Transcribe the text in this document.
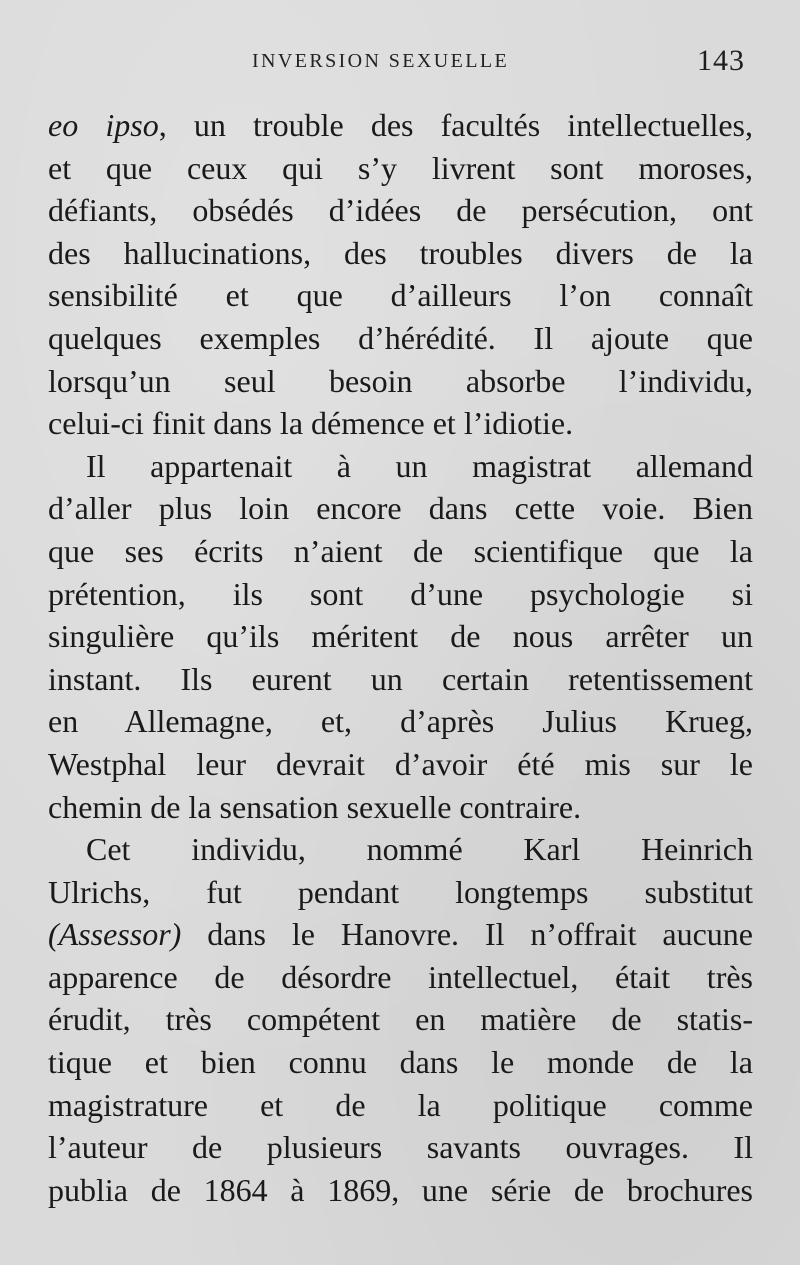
INVERSION SEXUELLE	143

eo ipso, un trouble des facultés intellectuelles,
et que ceux qui s’y livrent sont moroses,
défiants, obsédés d’idées de persécution, ont
des hallucinations, des troubles divers de la
sensibilité et que d’ailleurs l’on connaît
quelques exemples d’hérédité. Il ajoute que
lorsqu’un seul besoin absorbe l’individu,
celui-ci finit dans la démence et l’idiotie.

Il appartenait à un magistrat allemand
d’aller plus loin encore dans cette voie. Bien
que ses écrits n’aient de scientifique que la
prétention, ils sont d’une psychologie si
singulière qu’ils méritent de nous arrêter un
instant. Ils eurent un certain retentissement
en Allemagne, et, d’après Julius Krueg,
Westphal leur devrait d’avoir été mis sur le
chemin de la sensation sexuelle contraire.

Cet individu, nommé Karl Heinrich
Ulrichs, fut pendant longtemps substitut
(Assessor) dans le Hanovre. Il n’offrait aucune
apparence de désordre intellectuel, était très
érudit, très compétent en matière de statis-
tique et bien connu dans le monde de la
magistrature et de la politique comme
l’auteur de plusieurs savants ouvrages. Il
publia de 1864 à 1869, une série de brochures
